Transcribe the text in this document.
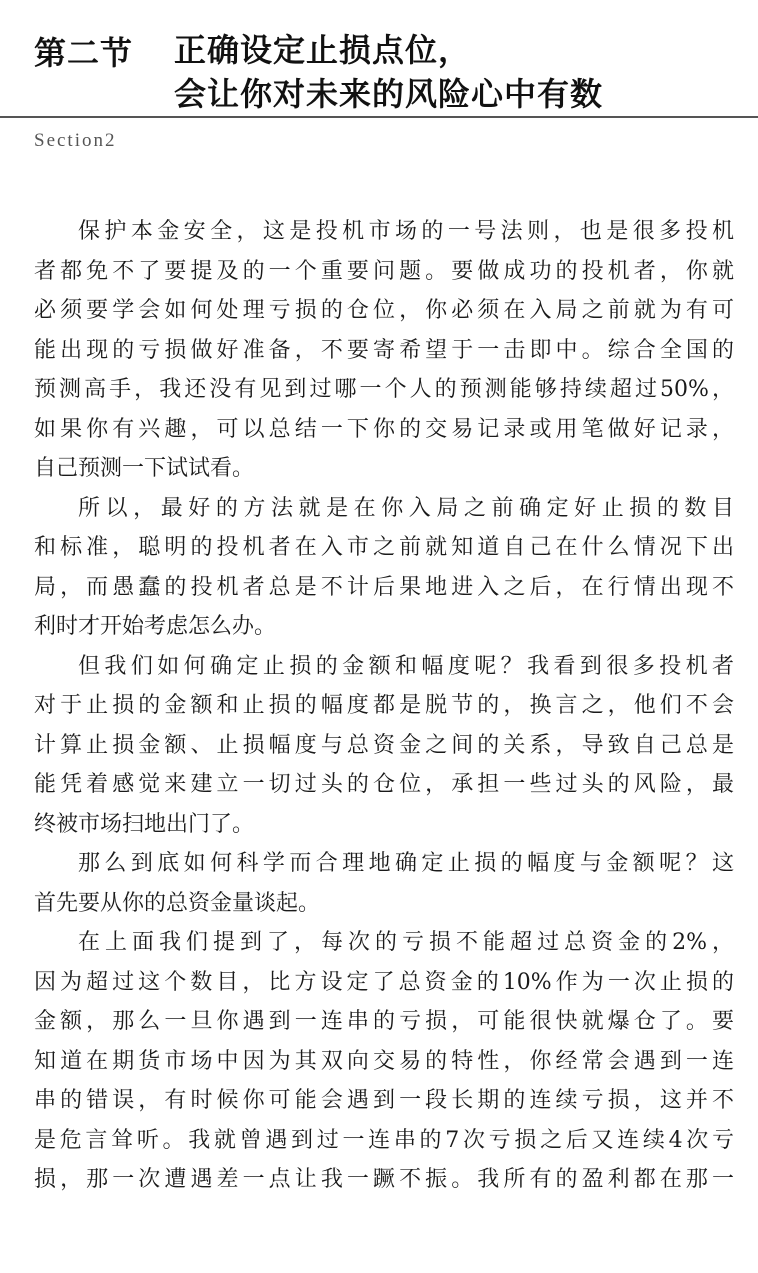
第二节 正确设定止损点位，
会让你对未来的风险心中有数
Section2
保护本金安全，这是投机市场的一号法则，也是很多投机
者都免不了要提及的一个重要问题。要做成功的投机者，你就
必须要学会如何处理亏损的仓位，你必须在入局之前就为有可
能出现的亏损做好准备，不要寄希望于一击即中。综合全国的
预测高手，我还没有见到过哪一个人的预测能够持续超过50%，
如果你有兴趣，可以总结一下你的交易记录或用笔做好记录，
自己预测一下试试看。
所以，最好的方法就是在你入局之前确定好止损的数目
和标准，聪明的投机者在入市之前就知道自己在什么情况下出
局，而愚蠢的投机者总是不计后果地进入之后，在行情出现不
利时才开始考虑怎么办。
但我们如何确定止损的金额和幅度呢？我看到很多投机者
对于止损的金额和止损的幅度都是脱节的，换言之，他们不会
计算止损金额、止损幅度与总资金之间的关系，导致自己总是
能凭着感觉来建立一切过头的仓位，承担一些过头的风险，最
终被市场扫地出门了。
那么到底如何科学而合理地确定止损的幅度与金额呢？这
首先要从你的总资金量谈起。
在上面我们提到了，每次的亏损不能超过总资金的2%，
因为超过这个数目，比方设定了总资金的10%作为一次止损的
金额，那么一旦你遇到一连串的亏损，可能很快就爆仓了。要
知道在期货市场中因为其双向交易的特性，你经常会遇到一连
串的错误，有时候你可能会遇到一段长期的连续亏损，这并不
是危言耸听。我就曾遇到过一连串的7次亏损之后又连续4次亏
损，那一次遭遇差一点让我一蹶不振。我所有的盈利都在那一
